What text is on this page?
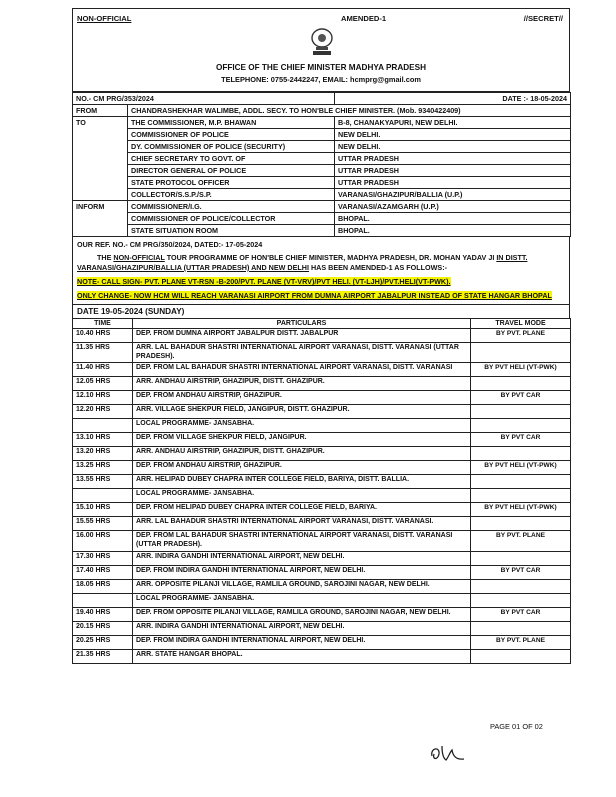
NON-OFFICIAL	AMENDED-1	//SECRET//
OFFICE OF THE CHIEF MINISTER MADHYA PRADESH
TELEPHONE: 0755-2442247, EMAIL: hcmprg@gmail.com
NO.- CM PRG/353/2024		DATE :- 18-05-2024
FROM	CHANDRASHEKHAR WALIMBE, ADDL. SECY. TO HON'BLE CHIEF MINISTER. (Mob. 9340422409)	
TO	THE COMMISSIONER, M.P. BHAWAN	B-8, CHANAKYAPURI, NEW DELHI.
	COMMISSIONER OF POLICE	NEW DELHI.
	DY. COMMISSIONER OF POLICE (SECURITY)	NEW DELHI.
	CHIEF SECRETARY TO GOVT. OF	UTTAR PRADESH
	DIRECTOR GENERAL OF POLICE	UTTAR PRADESH
	STATE PROTOCOL OFFICER	UTTAR PRADESH
	COLLECTOR/S.S.P./S.P.	VARANASI/GHAZIPUR/BALLIA (U.P.)
INFORM	COMMISSIONER/I.G.	VARANASI/AZAMGARH (U.P.)
	COMMISSIONER OF POLICE/COLLECTOR	BHOPAL.
	STATE SITUATION ROOM	BHOPAL.
OUR REF. NO.- CM PRG/350/2024, DATED:- 17-05-2024
THE NON-OFFICIAL TOUR PROGRAMME OF HON'BLE CHIEF MINISTER, MADHYA PRADESH, DR. MOHAN YADAV JI IN DISTT. VARANASI/GHAZIPUR/BALLIA (UTTAR PRADESH) AND NEW DELHI HAS BEEN AMENDED-1 AS FOLLOWS:-
NOTE- CALL SIGN- PVT. PLANE VT-RSN -B-200/PVT. PLANE (VT-VRV)/PVT HELI. (VT-LJH)/PVT.HELI(VT-PWK).
ONLY CHANGE- NOW HCM WILL REACH VARANASI AIRPORT FROM DUMNA AIRPORT JABALPUR INSTEAD OF STATE HANGAR BHOPAL
DATE 19-05-2024 (SUNDAY)
TIME	PARTICULARS	TRAVEL MODE
10.40 HRS	DEP. FROM DUMNA AIRPORT JABALPUR DISTT. JABALPUR	BY PVT. PLANE
11.35 HRS	ARR. LAL BAHADUR SHASTRI INTERNATIONAL AIRPORT VARANASI, DISTT. VARANASI (UTTAR PRADESH).	
11.40 HRS	DEP. FROM LAL BAHADUR SHASTRI INTERNATIONAL AIRPORT VARANASI, DISTT. VARANASI	BY PVT HELI (VT-PWK)
12.05 HRS	ARR. ANDHAU AIRSTRIP, GHAZIPUR, DISTT. GHAZIPUR.	
12.10 HRS	DEP. FROM ANDHAU AIRSTRIP, GHAZIPUR.	BY PVT CAR
12.20 HRS	ARR. VILLAGE SHEKPUR FIELD, JANGIPUR, DISTT. GHAZIPUR.	
	LOCAL PROGRAMME- JANSABHA.	
13.10 HRS	DEP. FROM VILLAGE SHEKPUR FIELD, JANGIPUR.	BY PVT CAR
13.20 HRS	ARR. ANDHAU AIRSTRIP, GHAZIPUR, DISTT. GHAZIPUR.	
13.25 HRS	DEP. FROM ANDHAU AIRSTRIP, GHAZIPUR.	BY PVT HELI (VT-PWK)
13.55 HRS	ARR. HELIPAD DUBEY CHAPRA INTER COLLEGE FIELD, BARIYA, DISTT. BALLIA.	
	LOCAL PROGRAMME- JANSABHA.	
15.10 HRS	DEP. FROM HELIPAD DUBEY CHAPRA INTER COLLEGE FIELD, BARIYA.	BY PVT HELI (VT-PWK)
15.55 HRS	ARR. LAL BAHADUR SHASTRI INTERNATIONAL AIRPORT VARANASI, DISTT. VARANASI.	
16.00 HRS	DEP. FROM LAL BAHADUR SHASTRI INTERNATIONAL AIRPORT VARANASI, DISTT. VARANASI (UTTAR PRADESH).	BY PVT. PLANE
17.30 HRS	ARR. INDIRA GANDHI INTERNATIONAL AIRPORT, NEW DELHI.	
17.40 HRS	DEP. FROM INDIRA GANDHI INTERNATIONAL AIRPORT, NEW DELHI.	BY PVT CAR
18.05 HRS	ARR. OPPOSITE PILANJI VILLAGE, RAMLILA GROUND, SAROJINI NAGAR, NEW DELHI.	
	LOCAL PROGRAMME- JANSABHA.	
19.40 HRS	DEP. FROM OPPOSITE PILANJI VILLAGE, RAMLILA GROUND, SAROJINI NAGAR, NEW DELHI.	BY PVT CAR
20.15 HRS	ARR. INDIRA GANDHI INTERNATIONAL AIRPORT, NEW DELHI.	
20.25 HRS	DEP. FROM INDIRA GANDHI INTERNATIONAL AIRPORT, NEW DELHI.	BY PVT. PLANE
21.35 HRS	ARR. STATE HANGAR BHOPAL.	
PAGE 01 OF 02
